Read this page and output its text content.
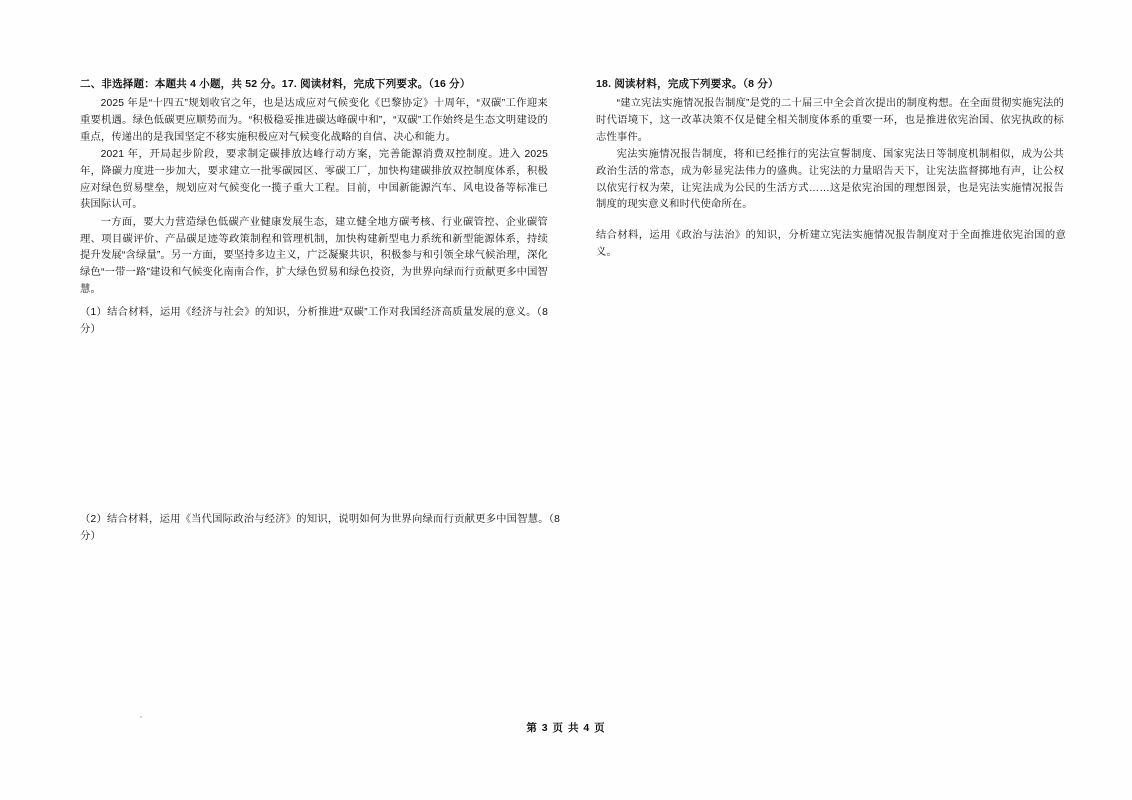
二、非选择题：本题共 4 小题，共 52 分。17. 阅读材料，完成下列要求。（16 分）

2025 年是“十四五”规划收官之年，也是达成应对气候变化《巴黎协定》十周年，“双碳”工作迎来重要机遇。绿色低碳更应顺势而为。“积极稳妥推进碳达峰碳中和”，“双碳”工作始终是生态文明建设的重点，传递出的是我国坚定不移实施积极应对气候变化战略的自信、决心和能力。

2021 年，开局起步阶段，要求制定碳排放达峰行动方案，完善能源消费双控制度。进入 2025 年，降碳力度进一步加大，要求建立一批零碳园区、零碳工厂，加快构建碳排放双控制度体系，积极应对绿色贸易壁垒，规划应对气候变化一揽子重大工程。目前，中国新能源汽车、风电设备等标准已获国际认可。

一方面，要大力营造绿色低碳产业健康发展生态，建立健全地方碳考核、行业碳管控、企业碳管理、项目碳评价、产品碳足迹等政策制程和管理机制，加快构建新型电力系统和新型能源体系，持续提升发展“含绿量”。另一方面，要坚持多边主义，广泛凝聚共识，积极参与和引领全球气候治理，深化绿色“一带一路”建设和气候变化南南合作，扩大绿色贸易和绿色投资，为世界向绿而行贡献更多中国智慧。

（1）结合材料，运用《经济与社会》的知识，分析推进“双碳”工作对我国经济高质量发展的意义。（8 分）

（2）结合材料，运用《当代国际政治与经济》的知识，说明如何为世界向绿而行贡献更多中国智慧。（8 分）

18. 阅读材料，完成下列要求。（8 分）

“建立宪法实施情况报告制度”是党的二十届三中全会首次提出的制度构想。在全面贯彻实施宪法的时代语境下，这一改革决策不仅是健全相关制度体系的重要一环，也是推进依宪治国、依宪执政的标志性事件。

宪法实施情况报告制度，将和已经推行的宪法宣誓制度、国家宪法日等制度机制相似，成为公共政治生活的常态，成为彰显宪法伟力的盛典。让宪法的力量昭告天下，让宪法监督掷地有声，让公权以依宪行权为荣，让宪法成为公民的生活方式……这是依宪治国的理想图景，也是宪法实施情况报告制度的现实意义和时代使命所在。

结合材料，运用《政治与法治》的知识，分析建立宪法实施情况报告制度对于全面推进依宪治国的意义。

第 3 页 共 4 页
